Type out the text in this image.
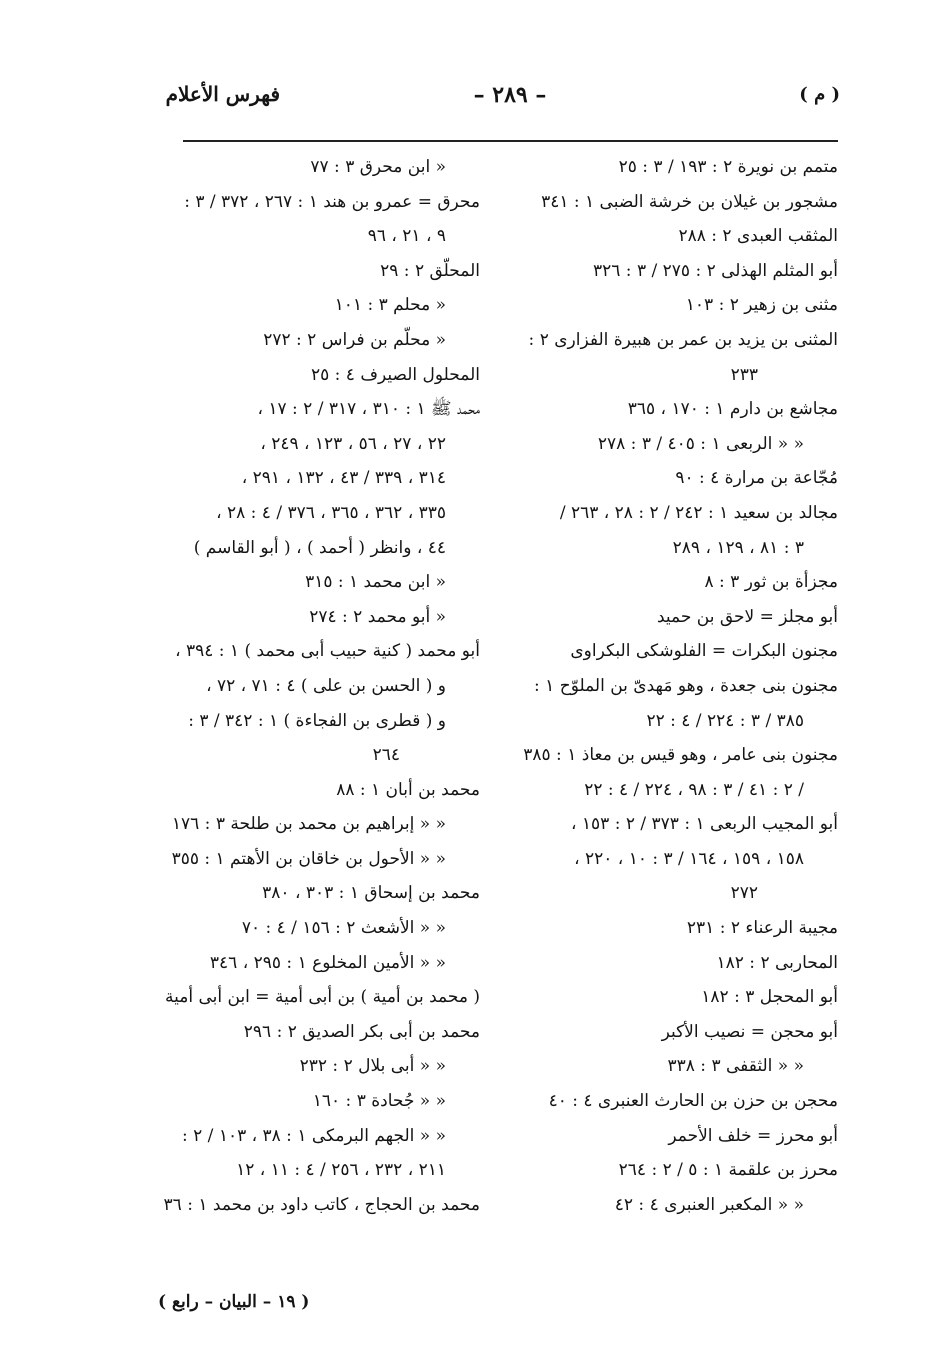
( م )
– ٢٨٩ –
فهرس الأعلام
متمم بن نويرة ٢ : ١٩٣ / ٣ : ٢٥
مشجور بن غيلان بن خرشة الضبى ١ : ٣٤١
المثقب العبدى ٢ : ٢٨٨
أبو المثلم الهذلى ٢ : ٢٧٥ / ٣ : ٣٢٦
مثنى بن زهير ٢ : ١٠٣
المثنى بن يزيد بن عمر بن هبيرة الفزارى ٢ :
٢٣٣
مجاشع بن دارم ١ : ١٧٠ ، ٣٦٥
« « الربعى ١ : ٤٠٥ / ٣ : ٢٧٨
مُجّاعة بن مرارة ٤ : ٩٠
مجالد بن سعيد ١ : ٢٤٢ / ٢ : ٢٨ ، ٢٦٣ /
٣ : ٨١ ، ١٢٩ ، ٢٨٩
مجزأة بن ثور ٣ : ٨
أبو مجلز = لاحق بن حميد
مجنون البكرات = الفلوشكى البكراوى
مجنون بنى جعدة ، وهو مَهدىّ بن الملوّح ١ :
٣٨٥ / ٣ : ٢٢٤ / ٤ : ٢٢
مجنون بنى عامر ، وهو قيس بن معاذ ١ : ٣٨٥
/ ٢ : ٤١ / ٣ : ٩٨ ، ٢٢٤ / ٤ : ٢٢
أبو المجيب الربعى ١ : ٣٧٣ / ٢ : ١٥٣ ،
١٥٨ ، ١٥٩ ، ١٦٤ / ٣ : ١٠ ، ٢٢٠ ،
٢٧٢
مجيبة الرعناء ٢ : ٢٣١
المحاربى ٢ : ١٨٢
أبو المحجل ٣ : ١٨٢
أبو محجن = نصيب الأكبر
« « الثقفى ٣ : ٣٣٨
محجن بن حزن بن الحارث العنبرى ٤ : ٤٠
أبو محرز = خلف الأحمر
محرز بن علقمة ١ : ٥ / ٢ : ٢٦٤
« « المكعبر العنبرى ٤ : ٤٢
« ابن محرق ٣ : ٧٧
محرق = عمرو بن هند ١ : ٢٦٧ ، ٣٧٢ / ٣ :
٩ ، ٢١ ، ٩٦
المحلّق ٢ : ٢٩
« محلم ٣ : ١٠١
« محلّم بن فراس ٢ : ٢٧٢
المحلول الصيرف ٤ : ٢٥
محمد ﷺ ١ : ٣١٠ ، ٣١٧ / ٢ : ١٧ ،
٢٢ ، ٢٧ ، ٥٦ ، ١٢٣ ، ٢٤٩ ،
٣١٤ ، ٣٣٩ / ٤٣ ، ١٣٢ ، ٢٩١ ،
٣٣٥ ، ٣٦٢ ، ٣٦٥ ، ٣٧٦ / ٤ : ٢٨ ،
٤٤ ، وانظر ( أحمد ) ، ( أبو القاسم )
« ابن محمد ١ : ٣١٥
« أبو محمد ٢ : ٢٧٤
أبو محمد ( كنية حبيب أبى محمد ) ١ : ٣٩٤ ،
و ( الحسن بن على ) ٤ : ٧١ ، ٧٢ ،
و ( قطرى بن الفجاءة ) ١ : ٣٤٢ / ٣ :
٢٦٤
محمد بن أبان ١ : ٨٨
« « إبراهيم بن محمد بن طلحة ٣ : ١٧٦
« « الأحول بن خاقان بن الأهتم ١ : ٣٥٥
محمد بن إسحاق ١ : ٣٠٣ ، ٣٨٠
« « الأشعث ٢ : ١٥٦ / ٤ : ٧٠
« « الأمين المخلوع ١ : ٢٩٥ ، ٣٤٦
( محمد بن أمية ) بن أبى أمية = ابن أبى أمية
محمد بن أبى بكر الصديق ٢ : ٢٩٦
« « أبى بلال ٢ : ٢٣٢
« « جُحادة ٣ : ١٦٠
« « الجهم البرمكى ١ : ٣٨ ، ١٠٣ / ٢ :
٢١١ ، ٢٣٢ ، ٢٥٦ / ٤ : ١١ ، ١٢
محمد بن الحجاج ، كاتب داود بن محمد ١ : ٣٦
( ١٩ – البيان – رابع )
